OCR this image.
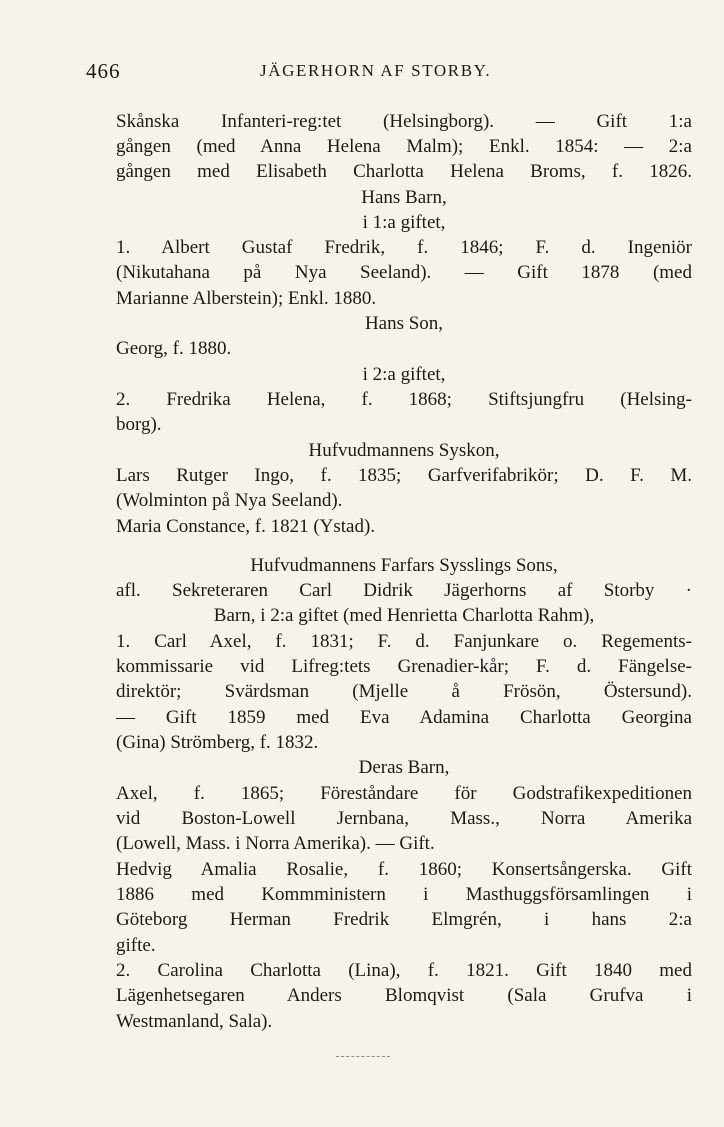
466	JÄGERHORN AF STORBY.
Skånska Infanteri-reg:tet (Helsingborg). — Gift 1:a
gången (med Anna Helena Malm); Enkl. 1854: — 2:a
gången med Elisabeth Charlotta Helena Broms, f. 1826.
Hans Barn,
i 1:a giftet,
1. Albert Gustaf Fredrik, f. 1846; F. d. Ingeniör
(Nikutahana på Nya Seeland). — Gift 1878 (med
Marianne Alberstein); Enkl. 1880.
Hans Son,
Georg, f. 1880.
i 2:a giftet,
2. Fredrika Helena, f. 1868; Stiftsjungfru (Helsing-
borg).
Hufvudmannens Syskon,
Lars Rutger Ingo, f. 1835; Garfverifabrikör; D. F. M.
(Wolminton på Nya Seeland).
Maria Constance, f. 1821 (Ystad).
Hufvudmannens Farfars Sysslings Sons,
afl. Sekreteraren Carl Didrik Jägerhorns af Storby ·
Barn, i 2:a giftet (med Henrietta Charlotta Rahm),
1. Carl Axel, f. 1831; F. d. Fanjunkare o. Regements-
kommissarie vid Lifreg:tets Grenadier-kår; F. d. Fängelse-
direktör; Svärdsman (Mjelle å Frösön, Östersund).
— Gift 1859 med Eva Adamina Charlotta Georgina
(Gina) Strömberg, f. 1832.
Deras Barn,
Axel, f. 1865; Föreståndare för Godstrafikexpeditionen
vid Boston-Lowell Jernbana, Mass., Norra Amerika
(Lowell, Mass. i Norra Amerika). — Gift.
Hedvig Amalia Rosalie, f. 1860; Konsertsångerska. Gift
1886 med Kommministern i Masthuggsförsamlingen i
Göteborg Herman Fredrik Elmgrén, i hans 2:a
gifte.
2. Carolina Charlotta (Lina), f. 1821. Gift 1840 med
Lägenhetsegaren Anders Blomqvist (Sala Grufva i
Westmanland, Sala).
